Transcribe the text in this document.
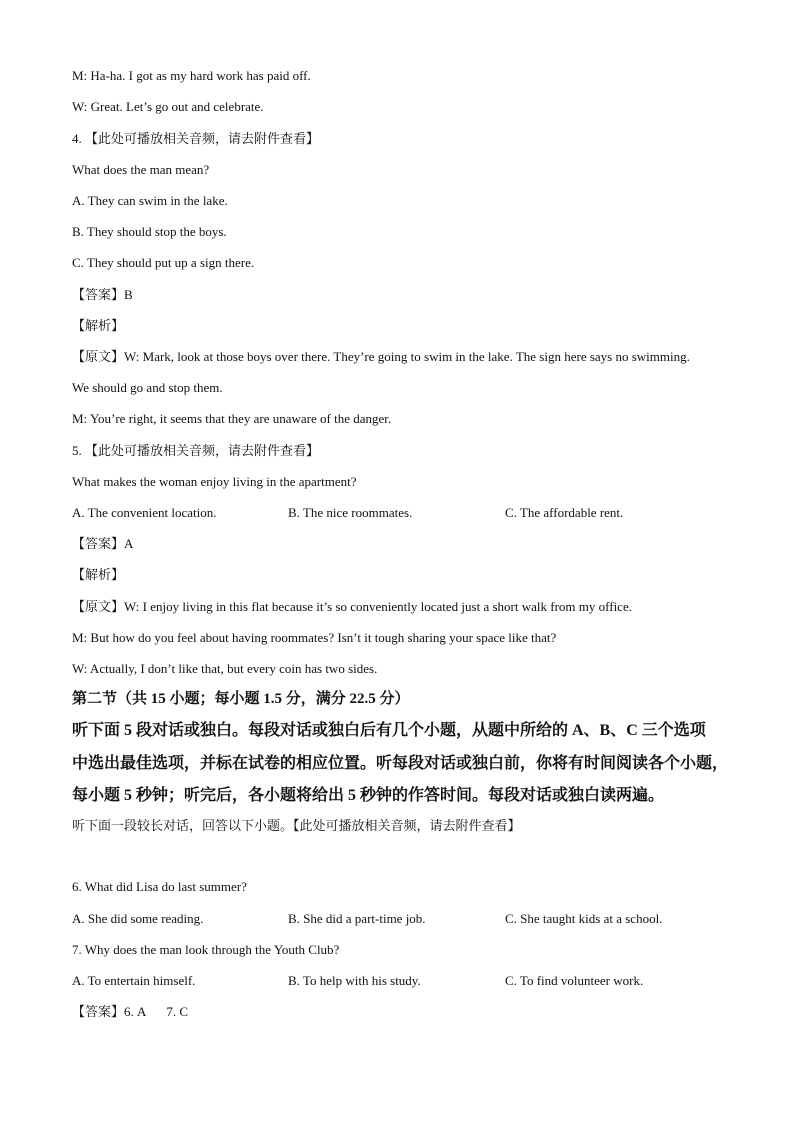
M: Ha-ha. I got as my hard work has paid off.
W: Great. Let’s go out and celebrate.
4. 【此处可播放相关音频，请去附件查看】
What does the man mean?
A. They can swim in the lake.
B. They should stop the boys.
C. They should put up a sign there.
【答案】B
【解析】
【原文】W: Mark, look at those boys over there. They’re going to swim in the lake. The sign here says no swimming.
We should go and stop them.
M: You’re right, it seems that they are unaware of the danger.
5. 【此处可播放相关音频，请去附件查看】
What makes the woman enjoy living in the apartment?
A. The convenient location.	B. The nice roommates.	C. The affordable rent.
【答案】A
【解析】
【原文】W: I enjoy living in this flat because it’s so conveniently located just a short walk from my office.
M: But how do you feel about having roommates? Isn’t it tough sharing your space like that?
W: Actually, I don’t like that, but every coin has two sides.
第二节（共 15 小题；每小题 1.5 分，满分 22.5 分）
听下面 5 段对话或独白。每段对话或独白后有几个小题，从题中所给的 A、B、C 三个选项
中选出最佳选项，并标在试卷的相应位置。听每段对话或独白前，你将有时间阅读各个小题，
每小题 5 秒钟；听完后，各小题将给出 5 秒钟的作答时间。每段对话或独白读两遍。
听下面一段较长对话，回答以下小题。【此处可播放相关音频，请去附件查看】
6. What did Lisa do last summer?
A. She did some reading.	B. She did a part-time job.	C. She taught kids at a school.
7. Why does the man look through the Youth Club?
A. To entertain himself.	B. To help with his study.	C. To find volunteer work.
【答案】6. A 7. C
